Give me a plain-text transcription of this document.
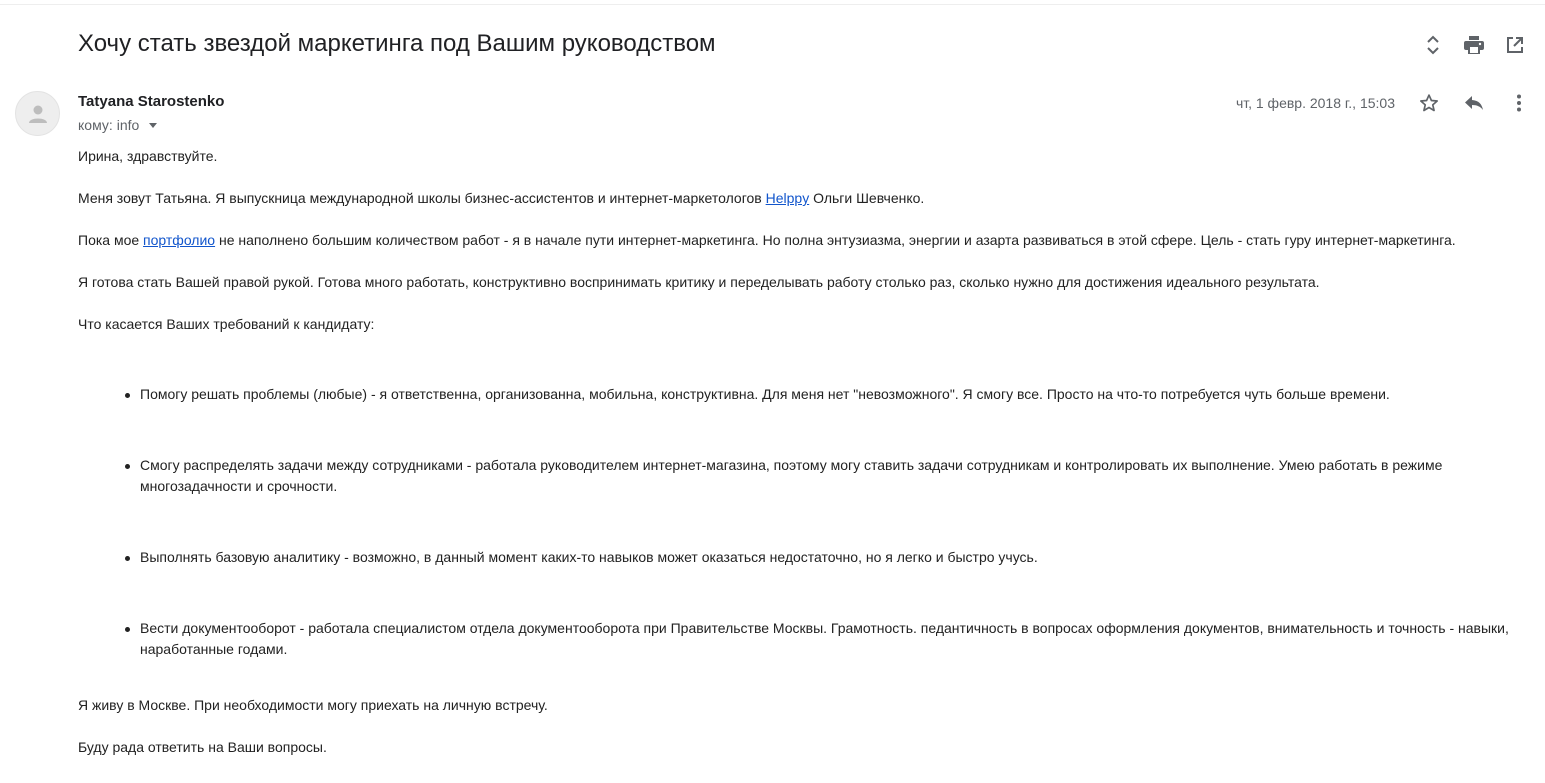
Хочу стать звездой маркетинга под Вашим руководством
Tatyana Starostenko
кому: info
чт, 1 февр. 2018 г., 15:03

Ирина, здравствуйте.

Меня зовут Татьяна. Я выпускница международной школы бизнес-ассистентов и интернет-маркетологов Helppy Ольги Шевченко.

Пока мое портфолио не наполнено большим количеством работ - я в начале пути интернет-маркетинга. Но полна энтузиазма, энергии и азарта развиваться в этой сфере. Цель - стать гуру интернет-маркетинга.

Я готова стать Вашей правой рукой. Готова много работать, конструктивно воспринимать критику и переделывать работу столько раз, сколько нужно для достижения идеального результата.

Что касается Ваших требований к кандидату:

Помогу решать проблемы (любые) - я ответственна, организованна, мобильна, конструктивна. Для меня нет "невозможного". Я смогу все. Просто на что-то потребуется чуть больше времени.
Смогу распределять задачи между сотрудниками - работала руководителем интернет-магазина, поэтому могу ставить задачи сотрудникам и контролировать их выполнение. Умею работать в режиме многозадачности и срочности.
Выполнять базовую аналитику - возможно, в данный момент каких-то навыков может оказаться недостаточно, но я легко и быстро учусь.
Вести документооборот - работала специалистом отдела документооборота при Правительстве Москвы. Грамотность. педантичность в вопросах оформления документов, внимательность и точность - навыки, наработанные годами.

Я живу в Москве. При необходимости могу приехать на личную встречу.

Буду рада ответить на Ваши вопросы.
